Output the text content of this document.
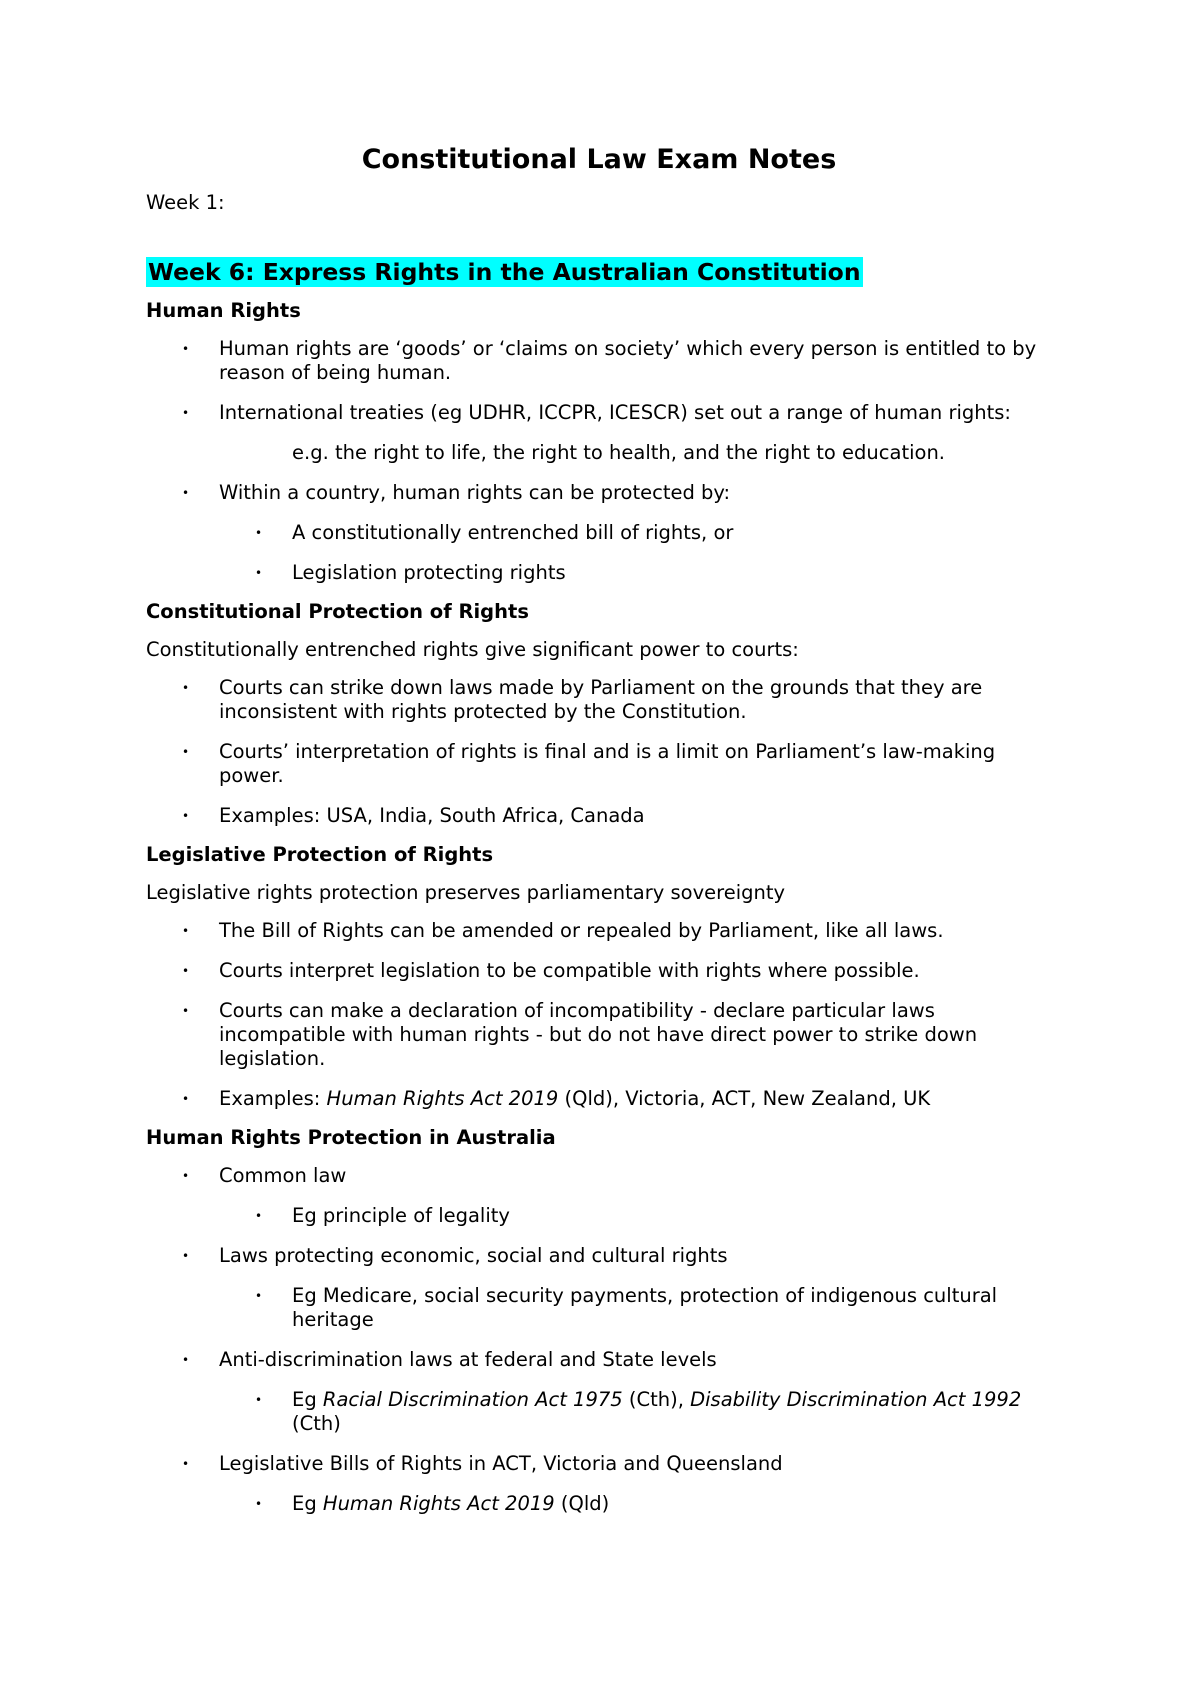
Constitutional Law Exam Notes

Week 1:

Week 6: Express Rights in the Australian Constitution

Human Rights

• Human rights are ‘goods’ or ‘claims on society’ which every person is entitled to by reason of being human.
• International treaties (eg UDHR, ICCPR, ICESCR) set out a range of human rights:

e.g. the right to life, the right to health, and the right to education.

• Within a country, human rights can be protected by:
• A constitutionally entrenched bill of rights, or
• Legislation protecting rights

Constitutional Protection of Rights

Constitutionally entrenched rights give significant power to courts:

• Courts can strike down laws made by Parliament on the grounds that they are inconsistent with rights protected by the Constitution.
• Courts’ interpretation of rights is final and is a limit on Parliament’s law-making power.
• Examples: USA, India, South Africa, Canada

Legislative Protection of Rights

Legislative rights protection preserves parliamentary sovereignty

• The Bill of Rights can be amended or repealed by Parliament, like all laws.
• Courts interpret legislation to be compatible with rights where possible.
• Courts can make a declaration of incompatibility - declare particular laws incompatible with human rights - but do not have direct power to strike down legislation.
• Examples: Human Rights Act 2019 (Qld), Victoria, ACT, New Zealand, UK

Human Rights Protection in Australia

• Common law
• Eg principle of legality
• Laws protecting economic, social and cultural rights
• Eg Medicare, social security payments, protection of indigenous cultural heritage
• Anti-discrimination laws at federal and State levels
• Eg Racial Discrimination Act 1975 (Cth), Disability Discrimination Act 1992 (Cth)
• Legislative Bills of Rights in ACT, Victoria and Queensland
• Eg Human Rights Act 2019 (Qld)
